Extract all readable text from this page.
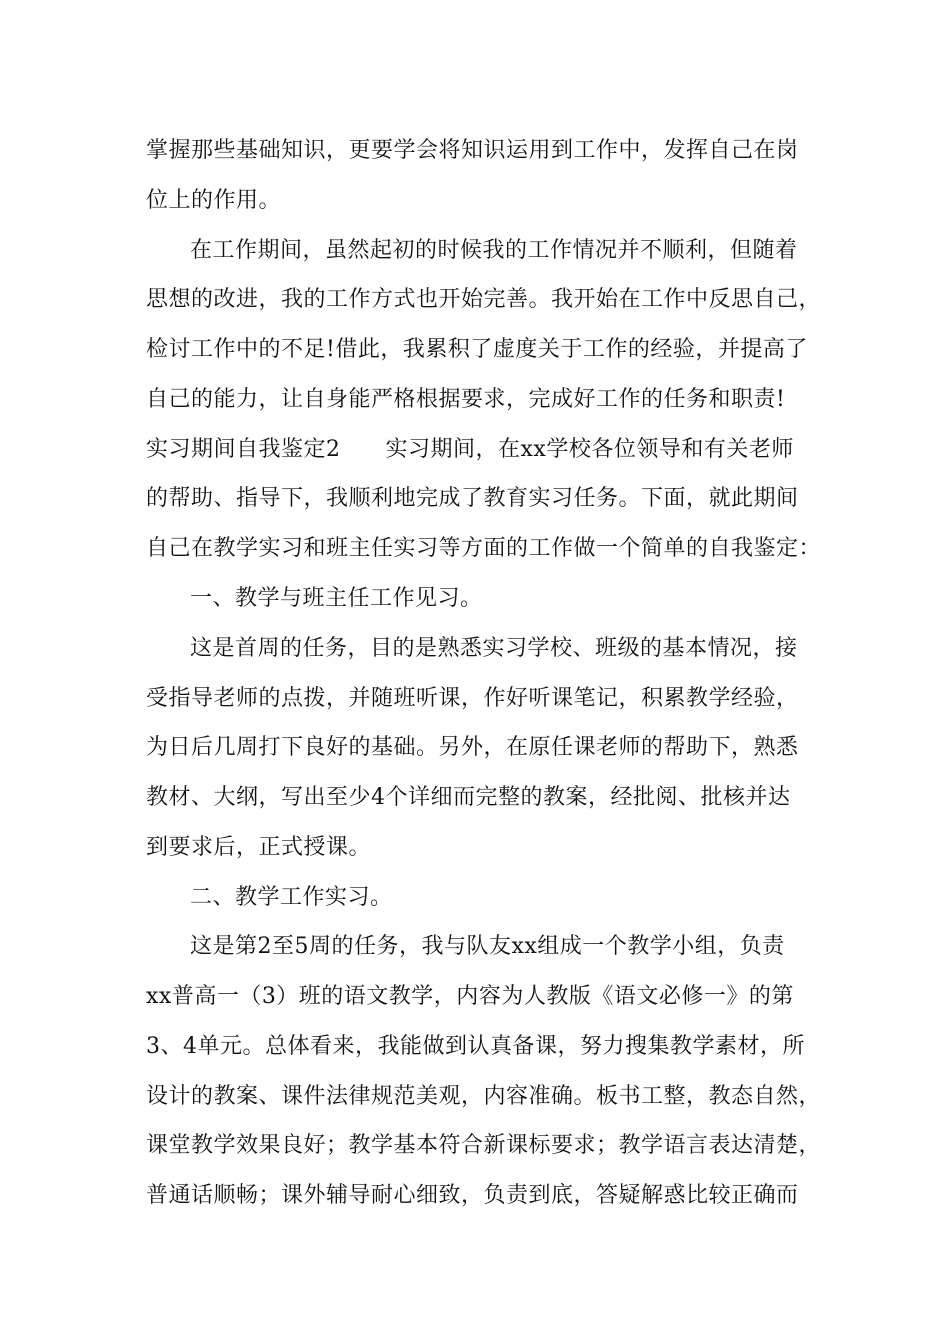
掌握那些基础知识，更要学会将知识运用到工作中，发挥自己在岗
位上的作用。
在工作期间，虽然起初的时候我的工作情况并不顺利，但随着
思想的改进，我的工作方式也开始完善。我开始在工作中反思自己，
检讨工作中的不足!借此，我累积了虚度关于工作的经验，并提高了
自己的能力，让自身能严格根据要求，完成好工作的任务和职责!
实习期间自我鉴定2　　实习期间，在xx学校各位领导和有关老师
的帮助、指导下，我顺利地完成了教育实习任务。下面，就此期间
自己在教学实习和班主任实习等方面的工作做一个简单的自我鉴定：
一、教学与班主任工作见习。
这是首周的任务，目的是熟悉实习学校、班级的基本情况，接
受指导老师的点拨，并随班听课，作好听课笔记，积累教学经验，
为日后几周打下良好的基础。另外，在原任课老师的帮助下，熟悉
教材、大纲，写出至少4个详细而完整的教案，经批阅、批核并达
到要求后，正式授课。
二、教学工作实习。
这是第2至5周的任务，我与队友xx组成一个教学小组，负责
xx普高一（3）班的语文教学，内容为人教版《语文必修一》的第
3、4单元。总体看来，我能做到认真备课，努力搜集教学素材，所
设计的教案、课件法律规范美观，内容准确。板书工整，教态自然，
课堂教学效果良好；教学基本符合新课标要求；教学语言表达清楚，
普通话顺畅；课外辅导耐心细致，负责到底，答疑解惑比较正确而
